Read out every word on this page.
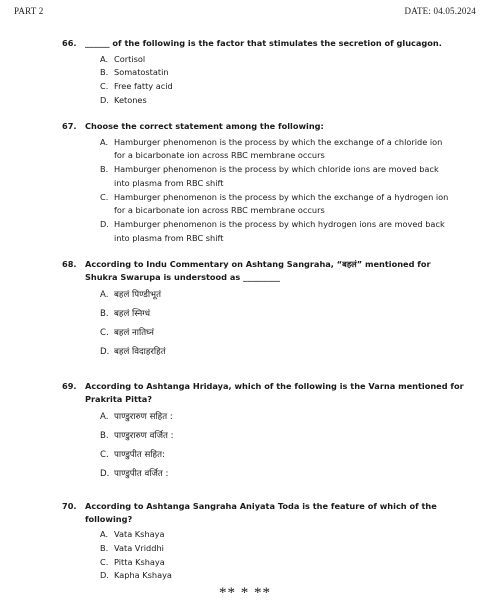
PART 2	DATE: 04.05.2024
66.	______ of the following is the factor that stimulates the secretion of glucagon.
A. Cortisol
B. Somatostatin
C. Free fatty acid
D. Ketones
67.	Choose the correct statement among the following:
A. Hamburger phenomenon is the process by which the exchange of a chloride ion for a bicarbonate ion across RBC membrane occurs
B. Hamburger phenomenon is the process by which chloride ions are moved back into plasma from RBC shift
C. Hamburger phenomenon is the process by which the exchange of a hydrogen ion for a bicarbonate ion across RBC membrane occurs
D. Hamburger phenomenon is the process by which hydrogen ions are moved back into plasma from RBC shift
68.	According to Indu Commentary on Ashtang Sangraha, “बहलं” mentioned for Shukra Swarupa is understood as _________
A. बहलं पिण्डीभूतं
B. बहलं स्निग्धं
C. बहलं नातिघ्नं
D. बहलं विदाहरहितं
69.	According to Ashtanga Hridaya, which of the following is the Varna mentioned for Prakrita Pitta?
A. पाण्डुरारुण सहित :
B. पाण्डुरारुण वर्जित :
C. पाण्डुपीत सहित:
D. पाण्डुपीत वर्जित :
70.	According to Ashtanga Sangraha Aniyata Toda is the feature of which of the following?
A. Vata Kshaya
B. Vata Vriddhi
C. Pitta Kshaya
D. Kapha Kshaya
** * **
